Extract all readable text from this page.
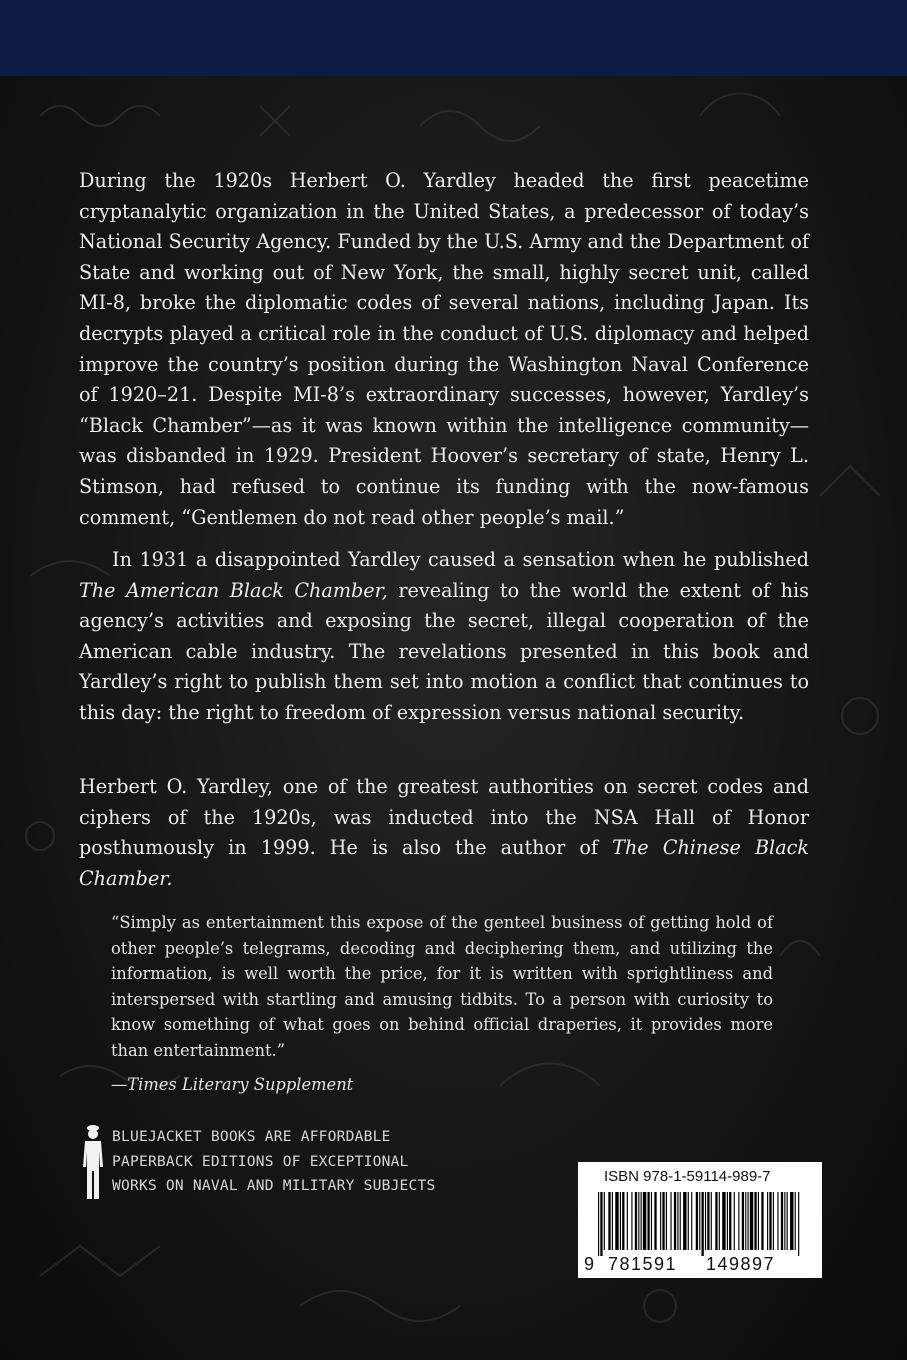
During the 1920s Herbert O. Yardley headed the first peacetime cryptanalytic organization in the United States, a predecessor of today’s National Security Agency. Funded by the U.S. Army and the Department of State and working out of New York, the small, highly secret unit, called MI-8, broke the diplomatic codes of several nations, including Japan. Its decrypts played a critical role in the conduct of U.S. diplomacy and helped improve the country’s position during the Washington Naval Conference of 1920–21. Despite MI-8’s extraordinary successes, however, Yardley’s “Black Chamber”—as it was known within the intelligence community—was disbanded in 1929. President Hoover’s secretary of state, Henry L. Stimson, had refused to continue its funding with the now-famous comment, “Gentlemen do not read other people’s mail.”

In 1931 a disappointed Yardley caused a sensation when he published The American Black Chamber, revealing to the world the extent of his agency’s activities and exposing the secret, illegal cooperation of the American cable industry. The revelations presented in this book and Yardley’s right to publish them set into motion a conflict that continues to this day: the right to freedom of expression versus national security.

Herbert O. Yardley, one of the greatest authorities on secret codes and ciphers of the 1920s, was inducted into the NSA Hall of Honor posthumously in 1999. He is also the author of The Chinese Black Chamber.

“Simply as entertainment this expose of the genteel business of getting hold of other people’s telegrams, decoding and deciphering them, and utilizing the information, is well worth the price, for it is written with sprightliness and interspersed with startling and amusing tidbits. To a person with curiosity to know something of what goes on behind official draperies, it provides more than entertainment.”

—Times Literary Supplement

BLUEJACKET BOOKS ARE AFFORDABLE
PAPERBACK EDITIONS OF EXCEPTIONAL
WORKS ON NAVAL AND MILITARY SUBJECTS
ISBN 978-1-59114-989-7
9 781591 149897
